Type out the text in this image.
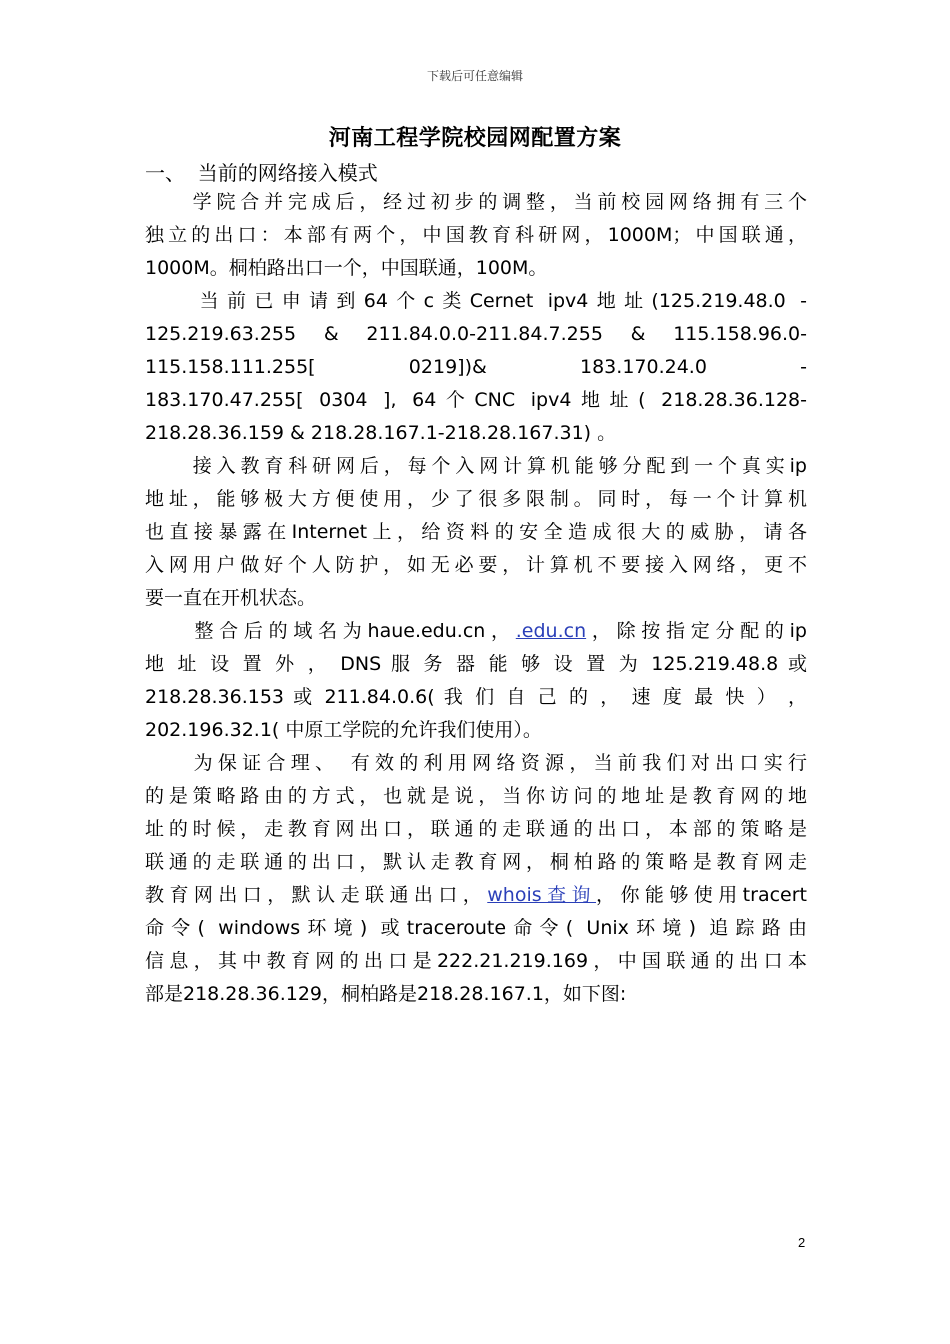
下载后可任意编辑
河南工程学院校园网配置方案
一、  当前的网络接入模式
　　学院合并完成后，经过初步的调整，当前校园网络拥有三个
独立的出口：本部有两个，中国教育科研网，1000M；中国联通，
1000M。桐柏路出口一个，中国联通，100M。
　　当前已申请到64个c类Cernet ipv4地址(125.219.48.0 -
125.219.63.255 & 211.84.0.0-211.84.7.255 & 115.158.96.0-
115.158.111.255[ 0219])& 183.170.24.0 -
183.170.47.255[ 0304 ], 64个CNC ipv4地址( 218.28.36.128-
218.28.36.159 & 218.28.167.1-218.28.167.31) 。
　　接入教育科研网后，每个入网计算机能够分配到一个真实ip
地址，能够极大方便使用，少了很多限制。同时，每一个计算机
也直接暴露在Internet上，给资料的安全造成很大的威胁，请各
入网用户做好个人防护，如无必要，计算机不要接入网络，更不
要一直在开机状态。
　　整合后的域名为haue.edu.cn，.edu.cn，除按指定分配的ip
地 址 设 置 外 ， DNS 服 务 器 能 够 设 置 为 125.219.48.8 或
218.28.36.153 或 211.84.0.6( 我 们 自 己 的 ， 速 度 最 快 ） ，
202.196.32.1( 中原工学院的允许我们使用）。
　　为保证合理、 有效的利用网络资源，当前我们对出口实行
的是策略路由的方式，也就是说，当你访问的地址是教育网的地
址的时候，走教育网出口，联通的走联通的出口，本部的策略是
联通的走联通的出口，默认走教育网，桐柏路的策略是教育网走
教育网出口，默认走联通出口，whois查询，你能够使用tracert
命令( windows环境) 或traceroute命令( Unix环境) 追踪路由
信息，其中教育网的出口是222.21.219.169，中国联通的出口本
部是218.28.36.129，桐柏路是218.28.167.1，如下图:
2
